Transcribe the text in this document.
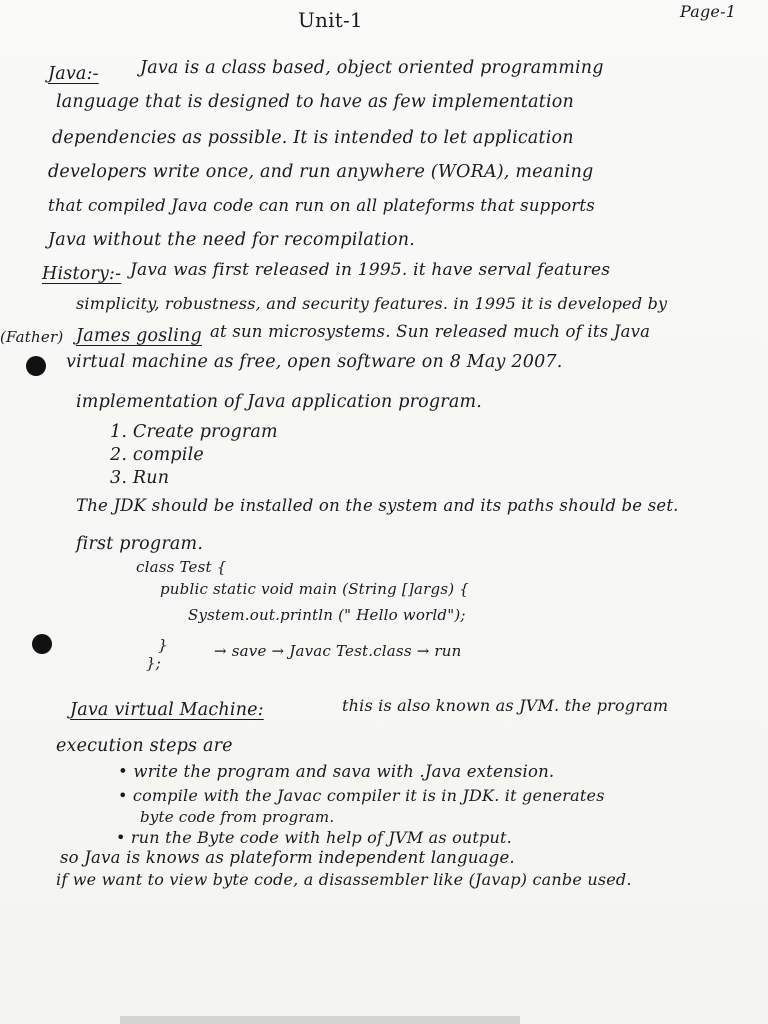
Unit-1	Page-1
Java:- Java is a class based, object oriented programming
language that is designed to have as few implementation
dependencies as possible. It is intended to let application
developers write once, and run anywhere (WORA), meaning
that compiled Java code can run on all plateforms that supports
Java without the need for recompilation.
History:- Java was first released in 1995. it have serval features
simplicity, robustness, and security features. in 1995 it is developed by
(Father) James gosling at sun microsystems. Sun released much of its Java
virtual machine as free, open software on 8 May 2007.
implementation of Java application program.
1. Create program
2. compile
3. Run
The JDK should be installed on the system and its paths should be set.
first program.
class Test {
public static void main (String []args) {
System.out.println (" Hello world");
}
};
→ save → Javac Test.class → run
Java virtual Machine:	this is also known as JVM. the program
execution steps are
• write the program and sava with .Java extension.
• compile with the Javac compiler it is in JDK. it generates
byte code from program.
• run the Byte code with help of JVM as output.
so Java is knows as plateform independent language.
if we want to view byte code, a disassembler like (Javap) canbe used.
